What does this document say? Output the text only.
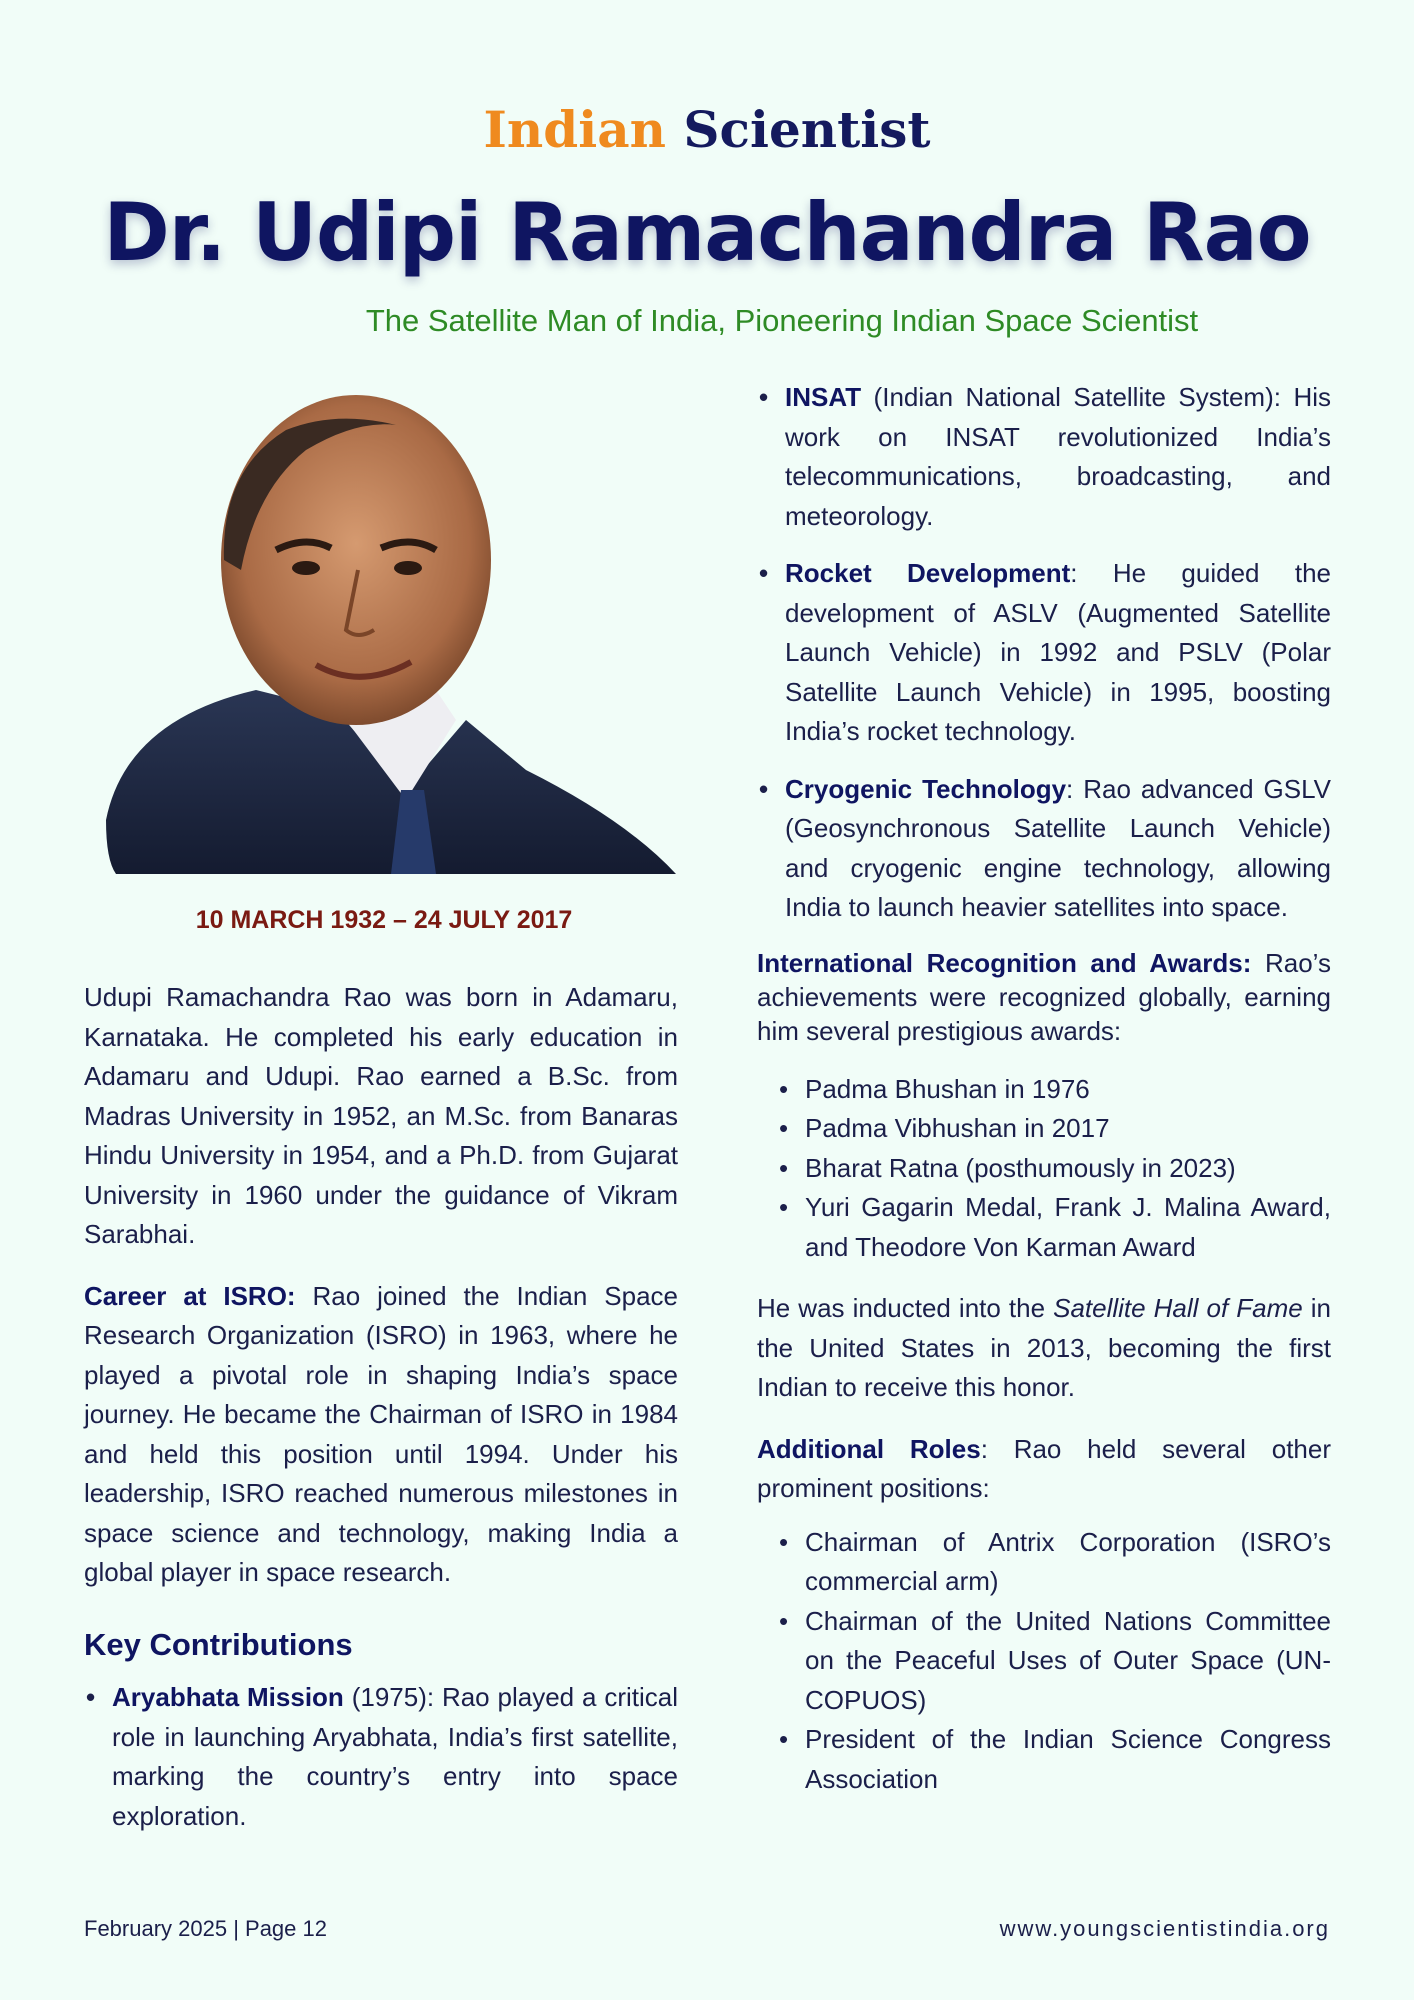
Indian Scientist
Dr. Udipi Ramachandra Rao
The Satellite Man of India, Pioneering Indian Space Scientist
10 MARCH 1932 – 24 JULY 2017

Udupi Ramachandra Rao was born in Adamaru, Karnataka. He completed his early education in Adamaru and Udupi. Rao earned a B.Sc. from Madras University in 1952, an M.Sc. from Banaras Hindu University in 1954, and a Ph.D. from Gujarat University in 1960 under the guidance of Vikram Sarabhai.

Career at ISRO: Rao joined the Indian Space Research Organization (ISRO) in 1963, where he played a pivotal role in shaping India’s space journey. He became the Chairman of ISRO in 1984 and held this position until 1994. Under his leadership, ISRO reached numerous milestones in space science and technology, making India a global player in space research.

Key Contributions
• Aryabhata Mission (1975): Rao played a critical role in launching Aryabhata, India’s first satellite, marking the country’s entry into space exploration.
• INSAT (Indian National Satellite System): His work on INSAT revolutionized India’s telecommunications, broadcasting, and meteorology.
• Rocket Development: He guided the development of ASLV (Augmented Satellite Launch Vehicle) in 1992 and PSLV (Polar Satellite Launch Vehicle) in 1995, boosting India’s rocket technology.
• Cryogenic Technology: Rao advanced GSLV (Geosynchronous Satellite Launch Vehicle) and cryogenic engine technology, allowing India to launch heavier satellites into space.

International Recognition and Awards: Rao’s achievements were recognized globally, earning him several prestigious awards:

• Padma Bhushan in 1976
• Padma Vibhushan in 2017
• Bharat Ratna (posthumously in 2023)
• Yuri Gagarin Medal, Frank J. Malina Award, and Theodore Von Karman Award

He was inducted into the Satellite Hall of Fame in the United States in 2013, becoming the first Indian to receive this honor.

Additional Roles: Rao held several other prominent positions:

• Chairman of Antrix Corporation (ISRO’s commercial arm)
• Chairman of the United Nations Committee on the Peaceful Uses of Outer Space (UN-COPUOS)
• President of the Indian Science Congress Association
February 2025 | Page 12	www.youngscientistindia.org
